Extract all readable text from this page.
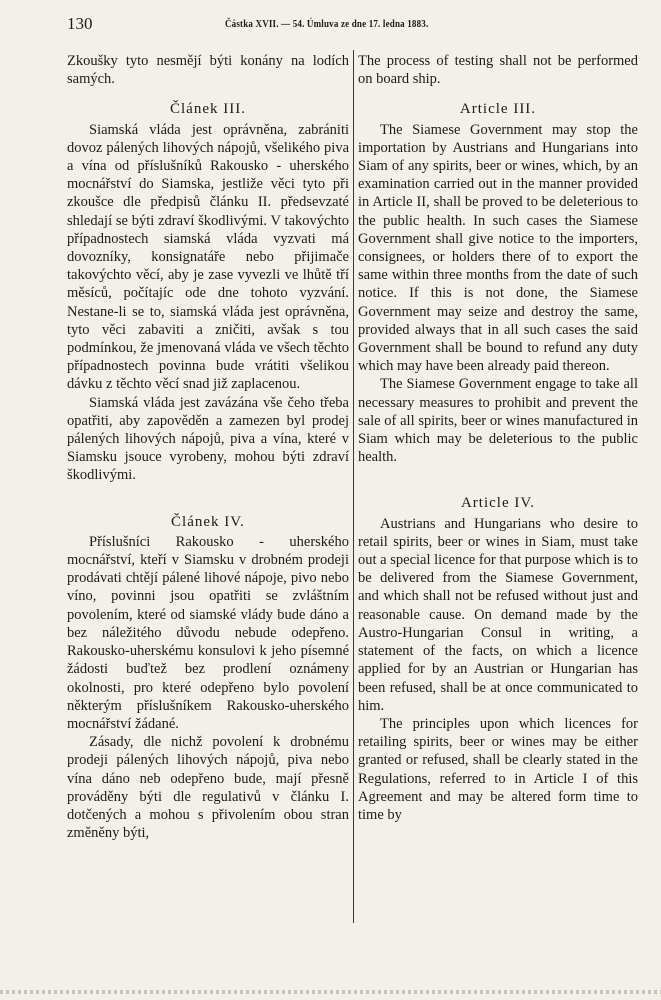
130	Částka XVII. — 54. Úmluva ze dne 17. ledna 1883.

Zkoušky tyto nesmějí býti konány na lodích samých.

Článek III.

Siamská vláda jest oprávněna, zabrániti dovoz pálených lihových nápojů, všelikého piva a vína od příslušníků Rakousko - uherského mocnářství do Siamska, jestliže věci tyto při zkoušce dle předpisů článku II. předsevzaté shledají se býti zdraví škodlivými. V takovýchto případnostech siamská vláda vyzvati má dovozníky, konsignatáře nebo přijimače takovýchto věcí, aby je zase vyvezli ve lhůtě tří měsíců, počítajíc ode dne tohoto vyzvání. Nestane-li se to, siamská vláda jest oprávněna, tyto věci zabaviti a zničiti, avšak s tou podmínkou, že jmenovaná vláda ve všech těchto případnostech povinna bude vrátiti všelikou dávku z těchto věcí snad již zaplacenou.

Siamská vláda jest zavázána vše čeho třeba opatřiti, aby zapověděn a zamezen byl prodej pálených lihových nápojů, piva a vína, které v Siamsku jsouce vyrobeny, mohou býti zdraví škodlivými.

Článek IV.

Příslušníci Rakousko - uherského mocnářství, kteří v Siamsku v drobném prodeji prodávati chtějí pálené lihové nápoje, pivo nebo víno, povinni jsou opatřiti se zvláštním povolením, které od siamské vlády bude dáno a bez náležitého důvodu nebude odepřeno. Rakousko-uherskému konsulovi k jeho písemné žádosti buďtež bez prodlení oznámeny okolnosti, pro které odepřeno bylo povolení některým příslušníkem Rakousko-uherského mocnářství žádané.

Zásady, dle nichž povolení k drobnému prodeji pálených lihových nápojů, piva nebo vína dáno neb odepřeno bude, mají přesně prováděny býti dle regulativů v článku I. dotčených a mohou s přivolením obou stran změněny býti,

The process of testing shall not be performed on board ship.

Article III.

The Siamese Government may stop the importation by Austrians and Hungarians into Siam of any spirits, beer or wines, which, by an examination carried out in the manner provided in Article II, shall be proved to be deleterious to the public health. In such cases the Siamese Government shall give notice to the importers, consignees, or holders there of to export the same within three months from the date of such notice. If this is not done, the Siamese Government may seize and destroy the same, provided always that in all such cases the said Government shall be bound to refund any duty which may have been already paid thereon.

The Siamese Government engage to take all necessary measures to prohibit and prevent the sale of all spirits, beer or wines manufactured in Siam which may be deleterious to the public health.

Article IV.

Austrians and Hungarians who desire to retail spirits, beer or wines in Siam, must take out a special licence for that purpose which is to be delivered from the Siamese Government, and which shall not be refused without just and reasonable cause. On demand made by the Austro-Hungarian Consul in writing, a statement of the facts, on which a licence applied for by an Austrian or Hungarian has been refused, shall be at once communicated to him.

The principles upon which licences for retailing spirits, beer or wines may be either granted or refused, shall be clearly stated in the Regulations, referred to in Article I of this Agreement and may be altered form time to time by
